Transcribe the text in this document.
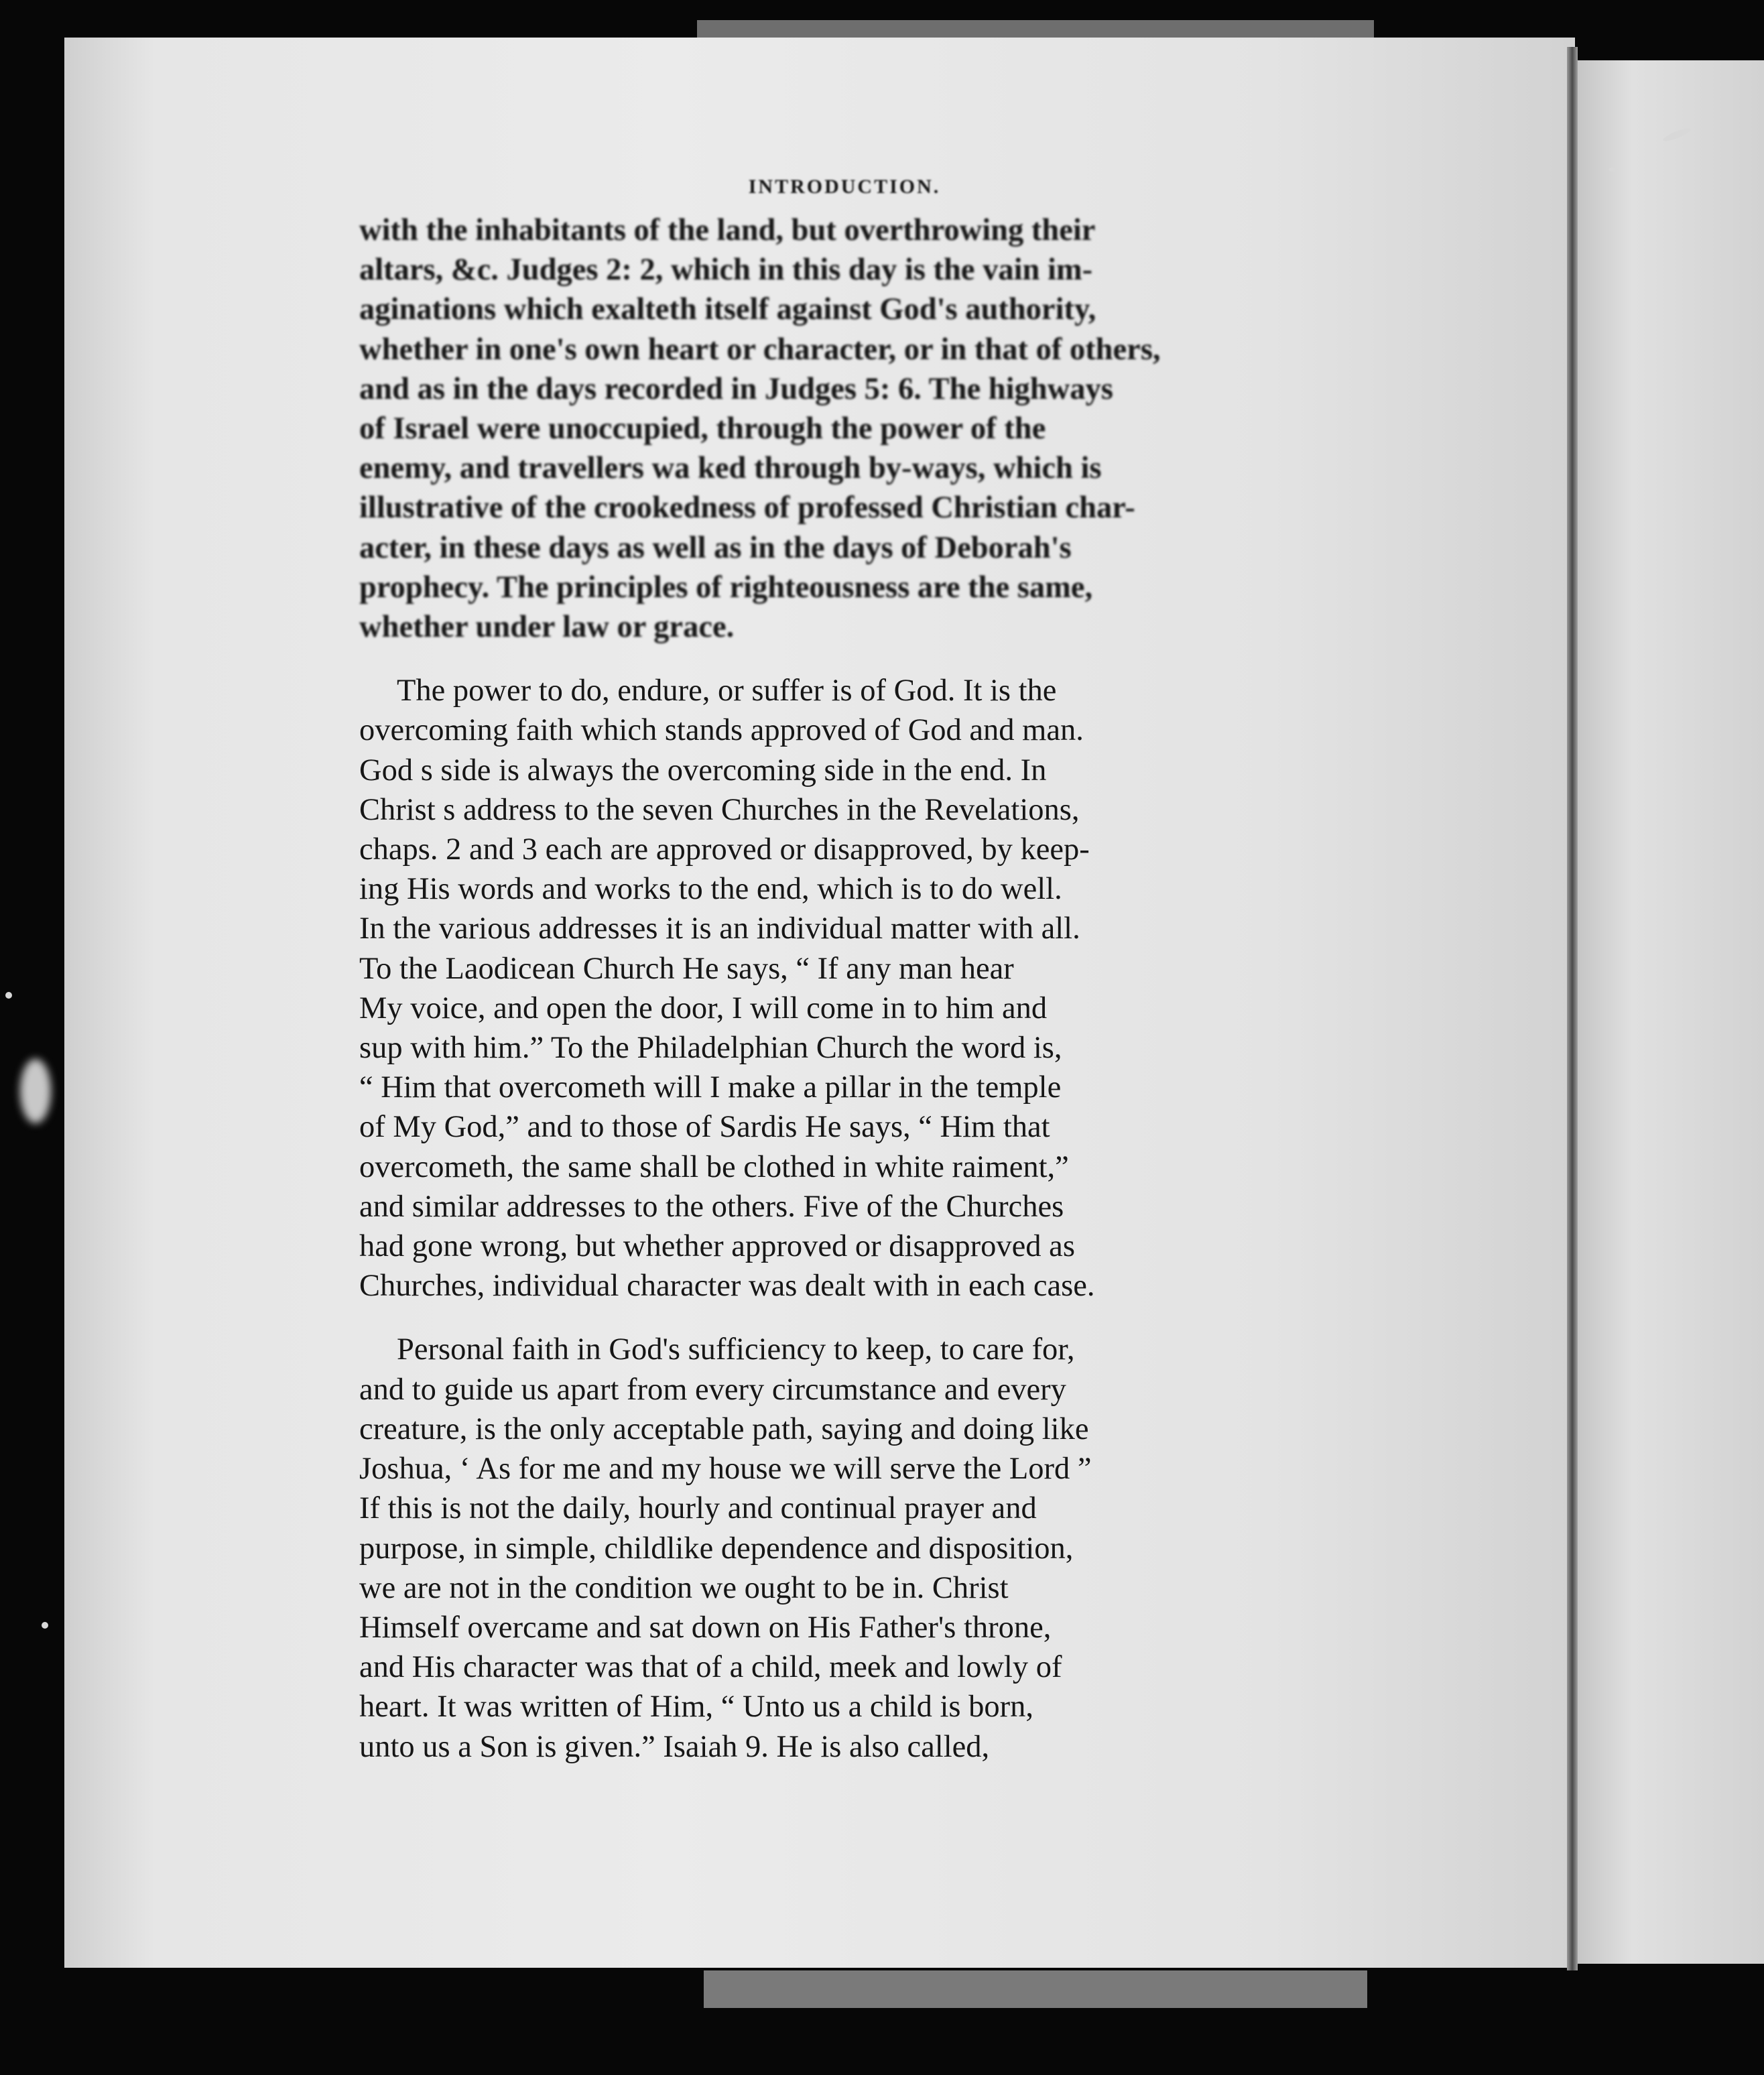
INTRODUCTION.
with the inhabitants of the land, but overthrowing their
altars, &c. Judges 2: 2, which in this day is the vain im-
aginations which exalteth itself against God's authority,
whether in one's own heart or character, or in that of others,
and as in the days recorded in Judges 5: 6. The highways
of Israel were unoccupied, through the power of the
enemy, and travellers wa ked through by-ways, which is
illustrative of the crookedness of professed Christian char-
acter, in these days as well as in the days of Deborah's
prophecy. The principles of righteousness are the same,
whether under law or grace.
The power to do, endure, or suffer is of God. It is the
overcoming faith which stands approved of God and man.
God s side is always the overcoming side in the end. In
Christ s address to the seven Churches in the Revelations,
chaps. 2 and 3 each are approved or disapproved, by keep-
ing His words and works to the end, which is to do well.
In the various addresses it is an individual matter with all.
To the Laodicean Church He says, “ If any man hear
My voice, and open the door, I will come in to him and
sup with him.” To the Philadelphian Church the word is,
“ Him that overcometh will I make a pillar in the temple
of My God,” and to those of Sardis He says, “ Him that
overcometh, the same shall be clothed in white raiment,”
and similar addresses to the others. Five of the Churches
had gone wrong, but whether approved or disapproved as
Churches, individual character was dealt with in each case.
Personal faith in God's sufficiency to keep, to care for,
and to guide us apart from every circumstance and every
creature, is the only acceptable path, saying and doing like
Joshua, ‘ As for me and my house we will serve the Lord ”
If this is not the daily, hourly and continual prayer and
purpose, in simple, childlike dependence and disposition,
we are not in the condition we ought to be in. Christ
Himself overcame and sat down on His Father's throne,
and His character was that of a child, meek and lowly of
heart. It was written of Him, “ Unto us a child is born,
unto us a Son is given.” Isaiah 9. He is also called,
